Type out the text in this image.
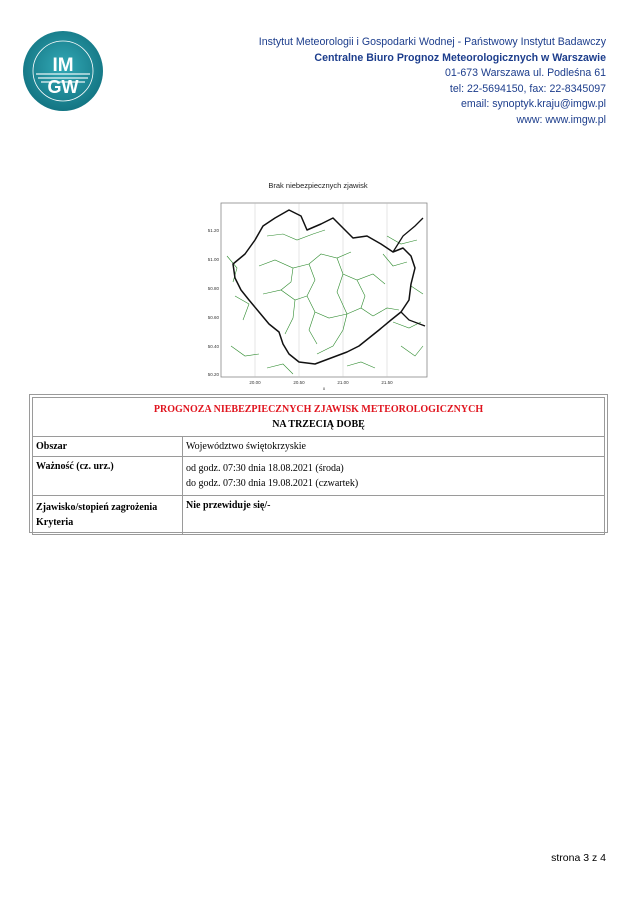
IM
GW
Instytut Meteorologii i Gospodarki Wodnej - Państwowy Instytut Badawczy
Centralne Biuro Prognoz Meteorologicznych w Warszawie
01-673 Warszawa ul. Podleśna 61
tel: 22-5694150, fax: 22-8345097
email: synoptyk.kraju@imgw.pl
www: www.imgw.pl
Brak niebezpiecznych zjawisk
51.20
51.00
50.80
50.60
50.40
50.20
20.00	20.50	21.00	21.50
x
PROGNOZA NIEBEZPIECZNYCH ZJAWISK METEOROLOGICZNYCH
NA TRZECIĄ DOBĘ	

Obszar	Województwo świętokrzyskie
Ważność (cz. urz.)	od godz. 07:30 dnia 18.08.2021 (środa)
do godz. 07:30 dnia 19.08.2021 (czwartek)

Zjawisko/stopień zagrożenia
Kryteria	Nie przewiduje się/-
strona 3 z 4
